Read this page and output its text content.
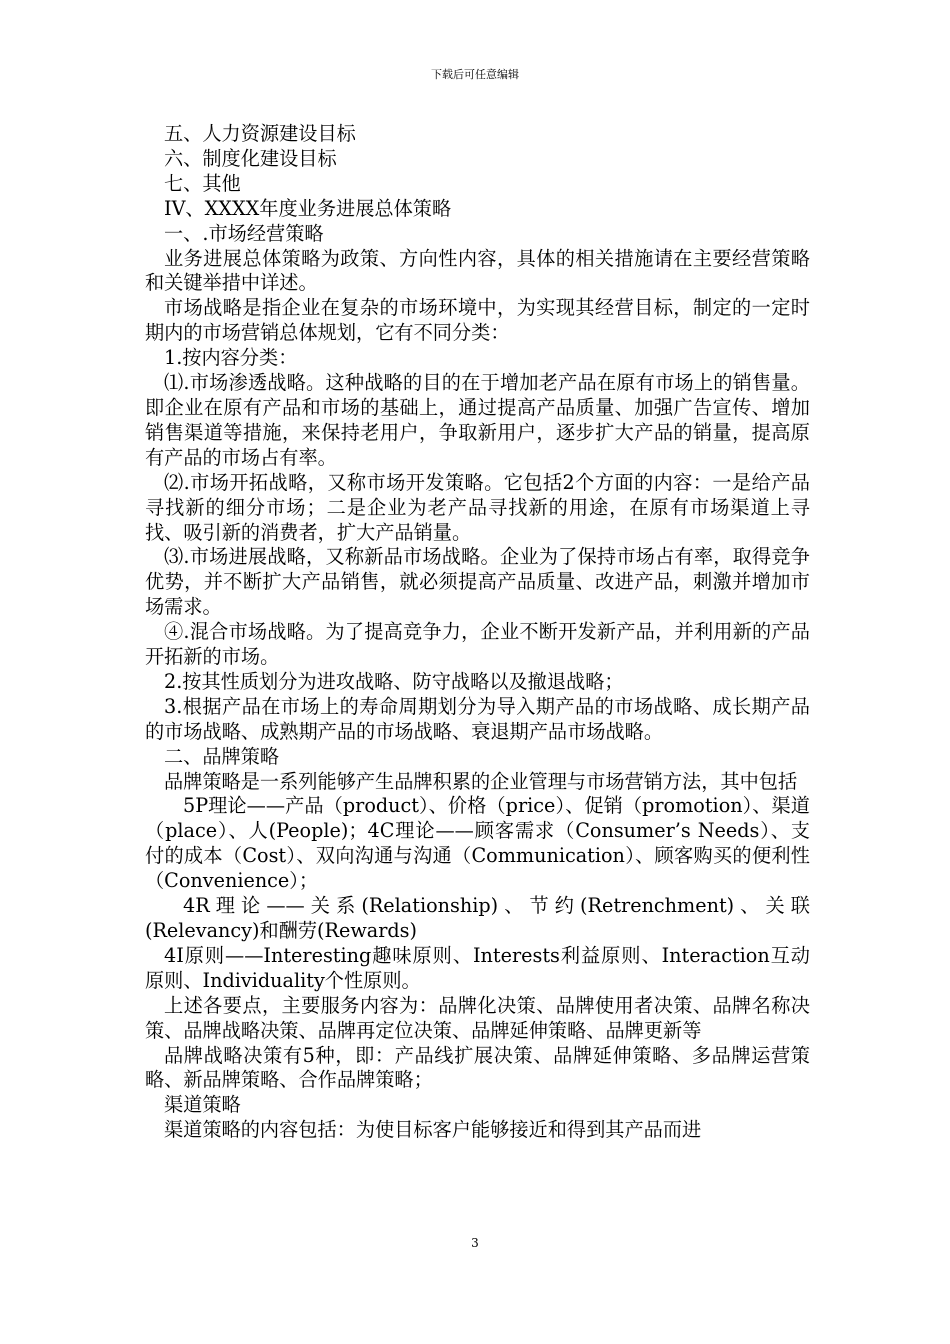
下载后可任意编辑

五、人力资源建设目标

六、制度化建设目标

七、其他

IV、XXXX年度业务进展总体策略

一、.市场经营策略

业务进展总体策略为政策、方向性内容，具体的相关措施请在主要经营策略和关键举措中详述。

市场战略是指企业在复杂的市场环境中，为实现其经营目标，制定的一定时期内的市场营销总体规划，它有不同分类：

1.按内容分类：

⑴.市场渗透战略。这种战略的目的在于增加老产品在原有市场上的销售量。即企业在原有产品和市场的基础上，通过提高产品质量、加强广告宣传、增加销售渠道等措施，来保持老用户，争取新用户，逐步扩大产品的销量，提高原有产品的市场占有率。

⑵.市场开拓战略，又称市场开发策略。它包括2个方面的内容：一是给产品寻找新的细分市场；二是企业为老产品寻找新的用途，在原有市场渠道上寻找、吸引新的消费者，扩大产品销量。

⑶.市场进展战略，又称新品市场战略。企业为了保持市场占有率，取得竞争优势，并不断扩大产品销售，就必须提高产品质量、改进产品，刺激并增加市场需求。

④.混合市场战略。为了提高竞争力，企业不断开发新产品，并利用新的产品开拓新的市场。

2.按其性质划分为进攻战略、防守战略以及撤退战略；

3.根据产品在市场上的寿命周期划分为导入期产品的市场战略、成长期产品的市场战略、成熟期产品的市场战略、衰退期产品市场战略。

二、品牌策略

品牌策略是一系列能够产生品牌积累的企业管理与市场营销方法，其中包括

5P理论——产品（product）、价格（price）、促销（promotion）、渠道（place）、人(People)；4C理论——顾客需求（Consumer’s Needs）、支付的成本（Cost）、双向沟通与沟通（Communication）、顾客购买的便利性（Convenience）；

4R理论——关系(Relationship)、节约(Retrenchment)、关联(Relevancy)和酬劳(Rewards)

4I原则——Interesting趣味原则、Interests利益原则、Interaction互动原则、Individuality个性原则。

上述各要点，主要服务内容为：品牌化决策、品牌使用者决策、品牌名称决策、品牌战略决策、品牌再定位决策、品牌延伸策略、品牌更新等

品牌战略决策有5种，即：产品线扩展决策、品牌延伸策略、多品牌运营策略、新品牌策略、合作品牌策略；

渠道策略

渠道策略的内容包括：为使目标客户能够接近和得到其产品而进

3
